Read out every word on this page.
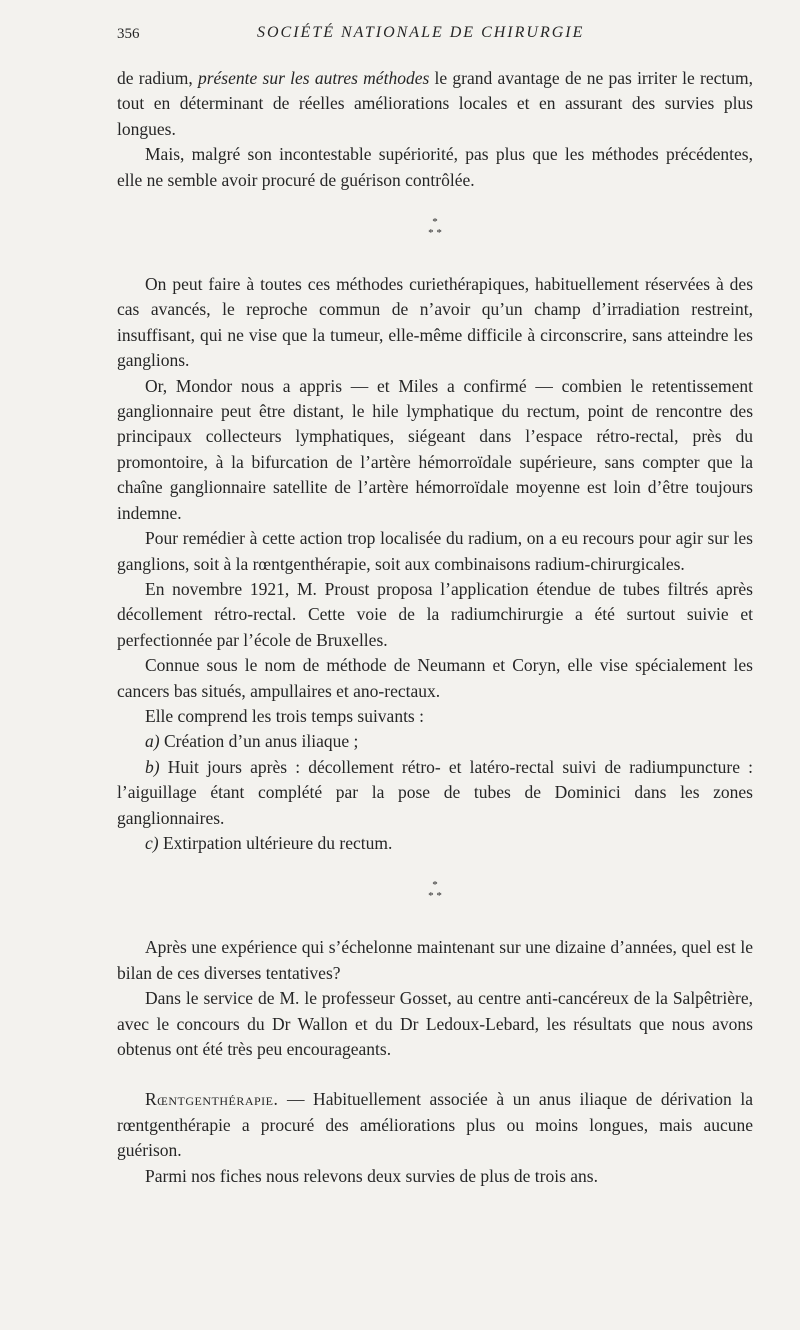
356	SOCIÉTÉ NATIONALE DE CHIRURGIE

de radium, présente sur les autres méthodes le grand avantage de ne pas irriter le rectum, tout en déterminant de réelles améliorations locales et en assurant des survies plus longues.

Mais, malgré son incontestable supériorité, pas plus que les méthodes précédentes, elle ne semble avoir procuré de guérison contrôlée.

*
* *

On peut faire à toutes ces méthodes curiethérapiques, habituellement réservées à des cas avancés, le reproche commun de n’avoir qu’un champ d’irradiation restreint, insuffisant, qui ne vise que la tumeur, elle-même difficile à circonscrire, sans atteindre les ganglions.

Or, Mondor nous a appris — et Miles a confirmé — combien le retentissement ganglionnaire peut être distant, le hile lymphatique du rectum, point de rencontre des principaux collecteurs lymphatiques, siégeant dans l’espace rétro-rectal, près du promontoire, à la bifurcation de l’artère hémorroïdale supérieure, sans compter que la chaîne ganglionnaire satellite de l’artère hémorroïdale moyenne est loin d’être toujours indemne.

Pour remédier à cette action trop localisée du radium, on a eu recours pour agir sur les ganglions, soit à la rœntgenthérapie, soit aux combinaisons radium-chirurgicales.

En novembre 1921, M. Proust proposa l’application étendue de tubes filtrés après décollement rétro-rectal. Cette voie de la radiumchirurgie a été surtout suivie et perfectionnée par l’école de Bruxelles.

Connue sous le nom de méthode de Neumann et Coryn, elle vise spécialement les cancers bas situés, ampullaires et ano-rectaux.

Elle comprend les trois temps suivants :

a) Création d’un anus iliaque ;

b) Huit jours après : décollement rétro- et latéro-rectal suivi de radiumpuncture : l’aiguillage étant complété par la pose de tubes de Dominici dans les zones ganglionnaires.

c) Extirpation ultérieure du rectum.

*
* *

Après une expérience qui s’échelonne maintenant sur une dizaine d’années, quel est le bilan de ces diverses tentatives?

Dans le service de M. le professeur Gosset, au centre anti-cancéreux de la Salpêtrière, avec le concours du Dr Wallon et du Dr Ledoux-Lebard, les résultats que nous avons obtenus ont été très peu encourageants.

Rœntgenthérapie. — Habituellement associée à un anus iliaque de dérivation la rœntgenthérapie a procuré des améliorations plus ou moins longues, mais aucune guérison.

Parmi nos fiches nous relevons deux survies de plus de trois ans.
